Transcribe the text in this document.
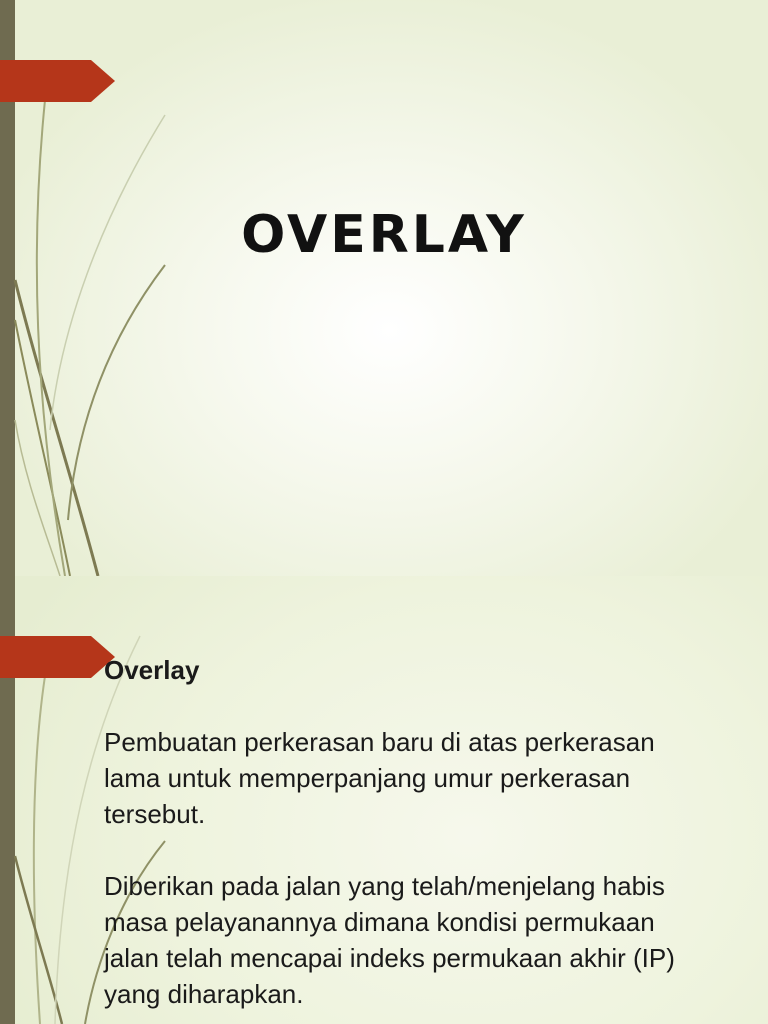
OVERLAY
Overlay
Pembuatan perkerasan baru di atas perkerasan lama untuk memperpanjang umur perkerasan tersebut.
Diberikan pada jalan yang telah/menjelang habis masa pelayanannya dimana kondisi permukaan jalan telah mencapai indeks permukaan akhir (IP) yang diharapkan.
